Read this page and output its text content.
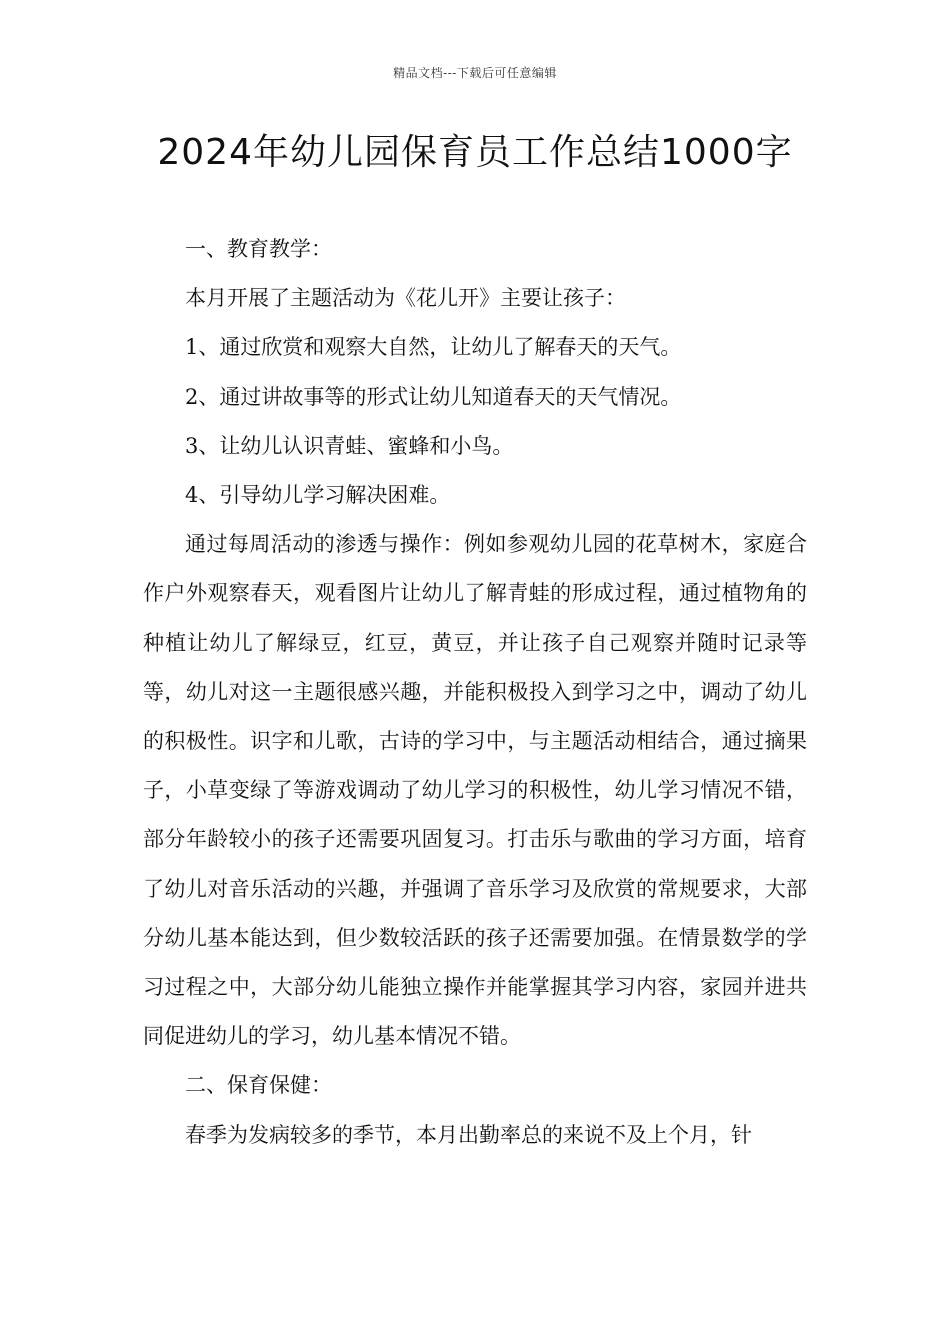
精品文档---下载后可任意编辑
2024年幼儿园保育员工作总结1000字

一、教育教学：

本月开展了主题活动为《花儿开》主要让孩子：

1、通过欣赏和观察大自然，让幼儿了解春天的天气。

2、通过讲故事等的形式让幼儿知道春天的天气情况。

3、让幼儿认识青蛙、蜜蜂和小鸟。

4、引导幼儿学习解决困难。

通过每周活动的渗透与操作：例如参观幼儿园的花草树木，家庭合作户外观察春天，观看图片让幼儿了解青蛙的形成过程，通过植物角的种植让幼儿了解绿豆，红豆，黄豆，并让孩子自己观察并随时记录等等，幼儿对这一主题很感兴趣，并能积极投入到学习之中，调动了幼儿的积极性。识字和儿歌，古诗的学习中，与主题活动相结合，通过摘果子，小草变绿了等游戏调动了幼儿学习的积极性，幼儿学习情况不错，部分年龄较小的孩子还需要巩固复习。打击乐与歌曲的学习方面，培育了幼儿对音乐活动的兴趣，并强调了音乐学习及欣赏的常规要求，大部分幼儿基本能达到，但少数较活跃的孩子还需要加强。在情景数学的学习过程之中，大部分幼儿能独立操作并能掌握其学习内容，家园并进共同促进幼儿的学习，幼儿基本情况不错。

二、保育保健：

春季为发病较多的季节，本月出勤率总的来说不及上个月，针
